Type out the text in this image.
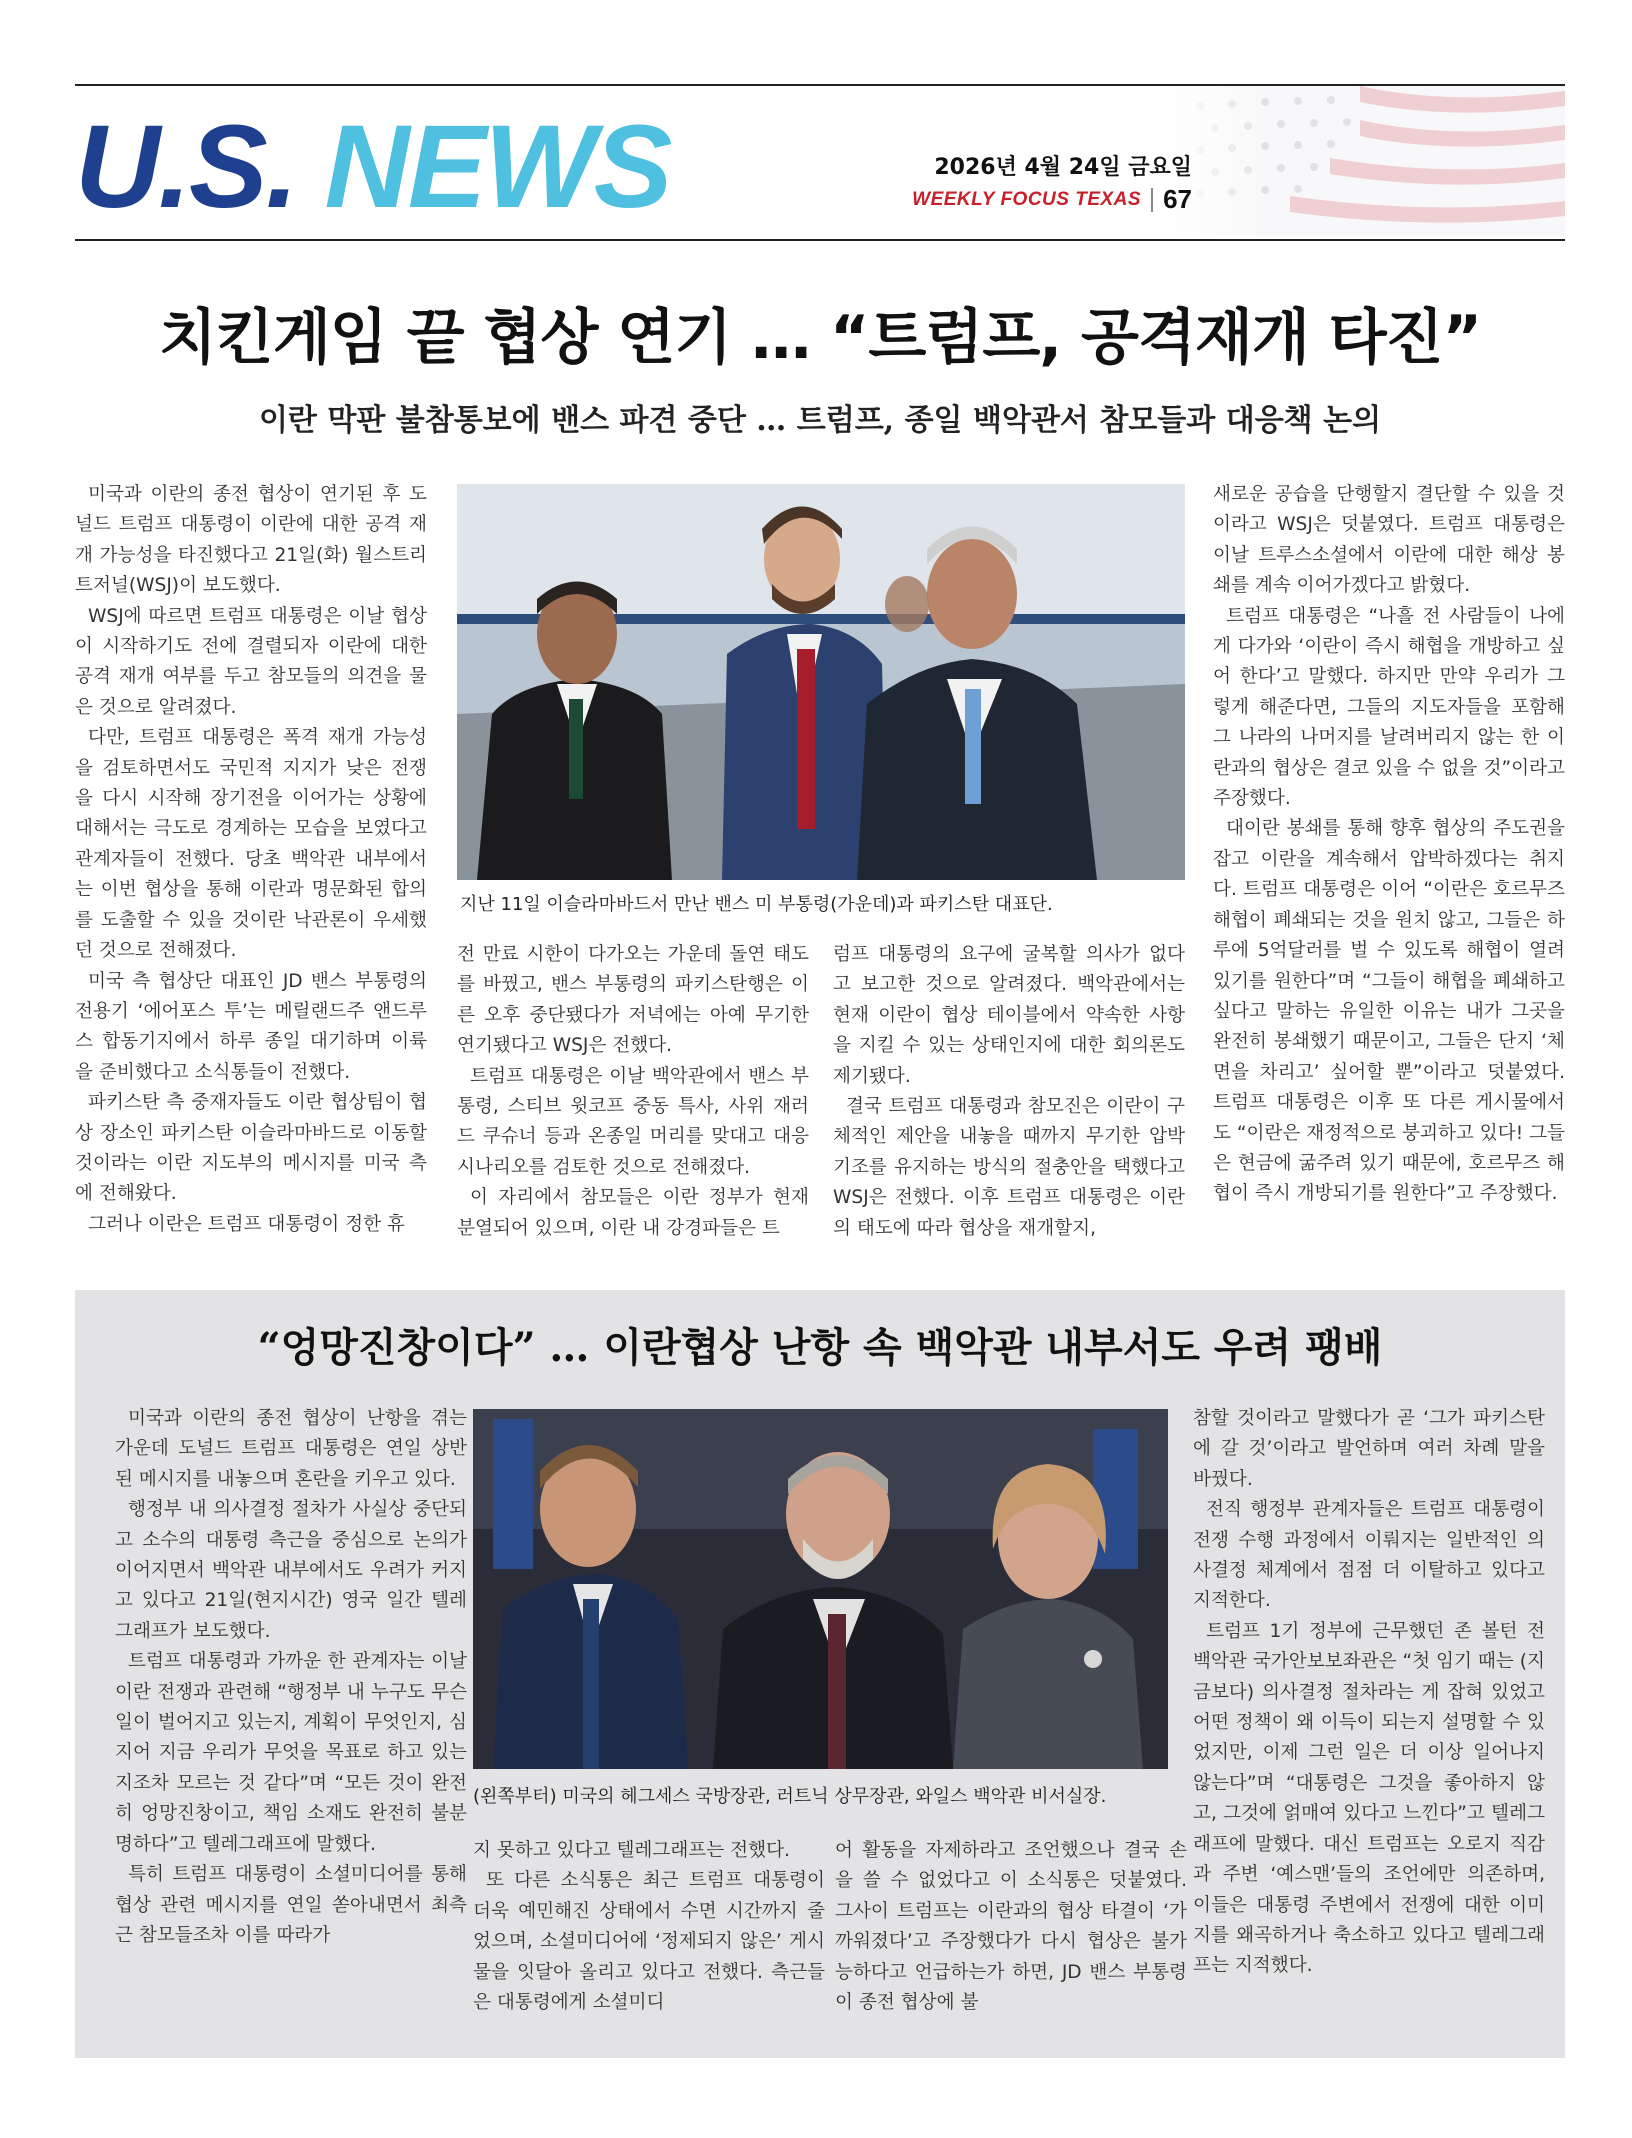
U.S. NEWS	2026년 4월 24일 금요일
WEEKLY FOCUS TEXAS 67
치킨게임 끝 협상 연기 … “트럼프, 공격재개 타진”
이란 막판 불참통보에 밴스 파견 중단 … 트럼프, 종일 백악관서 참모들과 대응책 논의

미국과 이란의 종전 협상이 연기된 후 도널드 트럼프 대통령이 이란에 대한 공격 재개 가능성을 타진했다고 21일(화) 월스트리트저널(WSJ)이 보도했다.

WSJ에 따르면 트럼프 대통령은 이날 협상이 시작하기도 전에 결렬되자 이란에 대한 공격 재개 여부를 두고 참모들의 의견을 물은 것으로 알려졌다.

다만, 트럼프 대통령은 폭격 재개 가능성을 검토하면서도 국민적 지지가 낮은 전쟁을 다시 시작해 장기전을 이어가는 상황에 대해서는 극도로 경계하는 모습을 보였다고 관계자들이 전했다. 당초 백악관 내부에서는 이번 협상을 통해 이란과 명문화된 합의를 도출할 수 있을 것이란 낙관론이 우세했던 것으로 전해졌다.

미국 측 협상단 대표인 JD 밴스 부통령의 전용기 ‘에어포스 투’는 메릴랜드주 앤드루스 합동기지에서 하루 종일 대기하며 이륙을 준비했다고 소식통들이 전했다.

파키스탄 측 중재자들도 이란 협상팀이 협상 장소인 파키스탄 이슬라마바드로 이동할 것이라는 이란 지도부의 메시지를 미국 측에 전해왔다.

그러나 이란은 트럼프 대통령이 정한 휴

지난 11일 이슬라마바드서 만난 밴스 미 부통령(가운데)과 파키스탄 대표단.

전 만료 시한이 다가오는 가운데 돌연 태도를 바꿨고, 밴스 부통령의 파키스탄행은 이른 오후 중단됐다가 저녁에는 아예 무기한 연기됐다고 WSJ은 전했다.

트럼프 대통령은 이날 백악관에서 밴스 부통령, 스티브 윗코프 중동 특사, 사위 재러드 쿠슈너 등과 온종일 머리를 맞대고 대응 시나리오를 검토한 것으로 전해졌다.

이 자리에서 참모들은 이란 정부가 현재 분열되어 있으며, 이란 내 강경파들은 트

럼프 대통령의 요구에 굴복할 의사가 없다고 보고한 것으로 알려졌다. 백악관에서는 현재 이란이 협상 테이블에서 약속한 사항을 지킬 수 있는 상태인지에 대한 회의론도 제기됐다.

결국 트럼프 대통령과 참모진은 이란이 구체적인 제안을 내놓을 때까지 무기한 압박 기조를 유지하는 방식의 절충안을 택했다고 WSJ은 전했다. 이후 트럼프 대통령은 이란의 태도에 따라 협상을 재개할지,

새로운 공습을 단행할지 결단할 수 있을 것이라고 WSJ은 덧붙였다. 트럼프 대통령은 이날 트루스소셜에서 이란에 대한 해상 봉쇄를 계속 이어가겠다고 밝혔다.

트럼프 대통령은 “나흘 전 사람들이 나에게 다가와 ‘이란이 즉시 해협을 개방하고 싶어 한다’고 말했다. 하지만 만약 우리가 그렇게 해준다면, 그들의 지도자들을 포함해 그 나라의 나머지를 날려버리지 않는 한 이란과의 협상은 결코 있을 수 없을 것”이라고 주장했다.

대이란 봉쇄를 통해 향후 협상의 주도권을 잡고 이란을 계속해서 압박하겠다는 취지다. 트럼프 대통령은 이어 “이란은 호르무즈 해협이 폐쇄되는 것을 원치 않고, 그들은 하루에 5억달러를 벌 수 있도록 해협이 열려 있기를 원한다”며 “그들이 해협을 폐쇄하고 싶다고 말하는 유일한 이유는 내가 그곳을 완전히 봉쇄했기 때문이고, 그들은 단지 ‘체면을 차리고’ 싶어할 뿐”이라고 덧붙였다. 트럼프 대통령은 이후 또 다른 게시물에서도 “이란은 재정적으로 붕괴하고 있다! 그들은 현금에 굶주려 있기 때문에, 호르무즈 해협이 즉시 개방되기를 원한다”고 주장했다.

“엉망진창이다” … 이란협상 난항 속 백악관 내부서도 우려 팽배

미국과 이란의 종전 협상이 난항을 겪는 가운데 도널드 트럼프 대통령은 연일 상반된 메시지를 내놓으며 혼란을 키우고 있다.

행정부 내 의사결정 절차가 사실상 중단되고 소수의 대통령 측근을 중심으로 논의가 이어지면서 백악관 내부에서도 우려가 커지고 있다고 21일(현지시간) 영국 일간 텔레그래프가 보도했다.

트럼프 대통령과 가까운 한 관계자는 이날 이란 전쟁과 관련해 “행정부 내 누구도 무슨 일이 벌어지고 있는지, 계획이 무엇인지, 심지어 지금 우리가 무엇을 목표로 하고 있는지조차 모르는 것 같다”며 “모든 것이 완전히 엉망진창이고, 책임 소재도 완전히 불분명하다”고 텔레그래프에 말했다.

특히 트럼프 대통령이 소셜미디어를 통해 협상 관련 메시지를 연일 쏟아내면서 최측근 참모들조차 이를 따라가

(왼쪽부터) 미국의 헤그세스 국방장관, 러트닉 상무장관, 와일스 백악관 비서실장.

지 못하고 있다고 텔레그래프는 전했다.

또 다른 소식통은 최근 트럼프 대통령이 더욱 예민해진 상태에서 수면 시간까지 줄었으며, 소셜미디어에 ‘정제되지 않은’ 게시물을 잇달아 올리고 있다고 전했다. 측근들은 대통령에게 소셜미디

어 활동을 자제하라고 조언했으나 결국 손을 쓸 수 없었다고 이 소식통은 덧붙였다. 그사이 트럼프는 이란과의 협상 타결이 ‘가까워졌다’고 주장했다가 다시 협상은 불가능하다고 언급하는가 하면, JD 밴스 부통령이 종전 협상에 불

참할 것이라고 말했다가 곧 ‘그가 파키스탄에 갈 것’이라고 발언하며 여러 차례 말을 바꿨다.

전직 행정부 관계자들은 트럼프 대통령이 전쟁 수행 과정에서 이뤄지는 일반적인 의사결정 체계에서 점점 더 이탈하고 있다고 지적한다.

트럼프 1기 정부에 근무했던 존 볼턴 전 백악관 국가안보보좌관은 “첫 임기 때는 (지금보다) 의사결정 절차라는 게 잡혀 있었고 어떤 정책이 왜 이득이 되는지 설명할 수 있었지만, 이제 그런 일은 더 이상 일어나지 않는다”며 “대통령은 그것을 좋아하지 않고, 그것에 얽매여 있다고 느낀다”고 텔레그래프에 말했다. 대신 트럼프는 오로지 직감과 주변 ‘예스맨’들의 조언에만 의존하며, 이들은 대통령 주변에서 전쟁에 대한 이미지를 왜곡하거나 축소하고 있다고 텔레그래프는 지적했다.
